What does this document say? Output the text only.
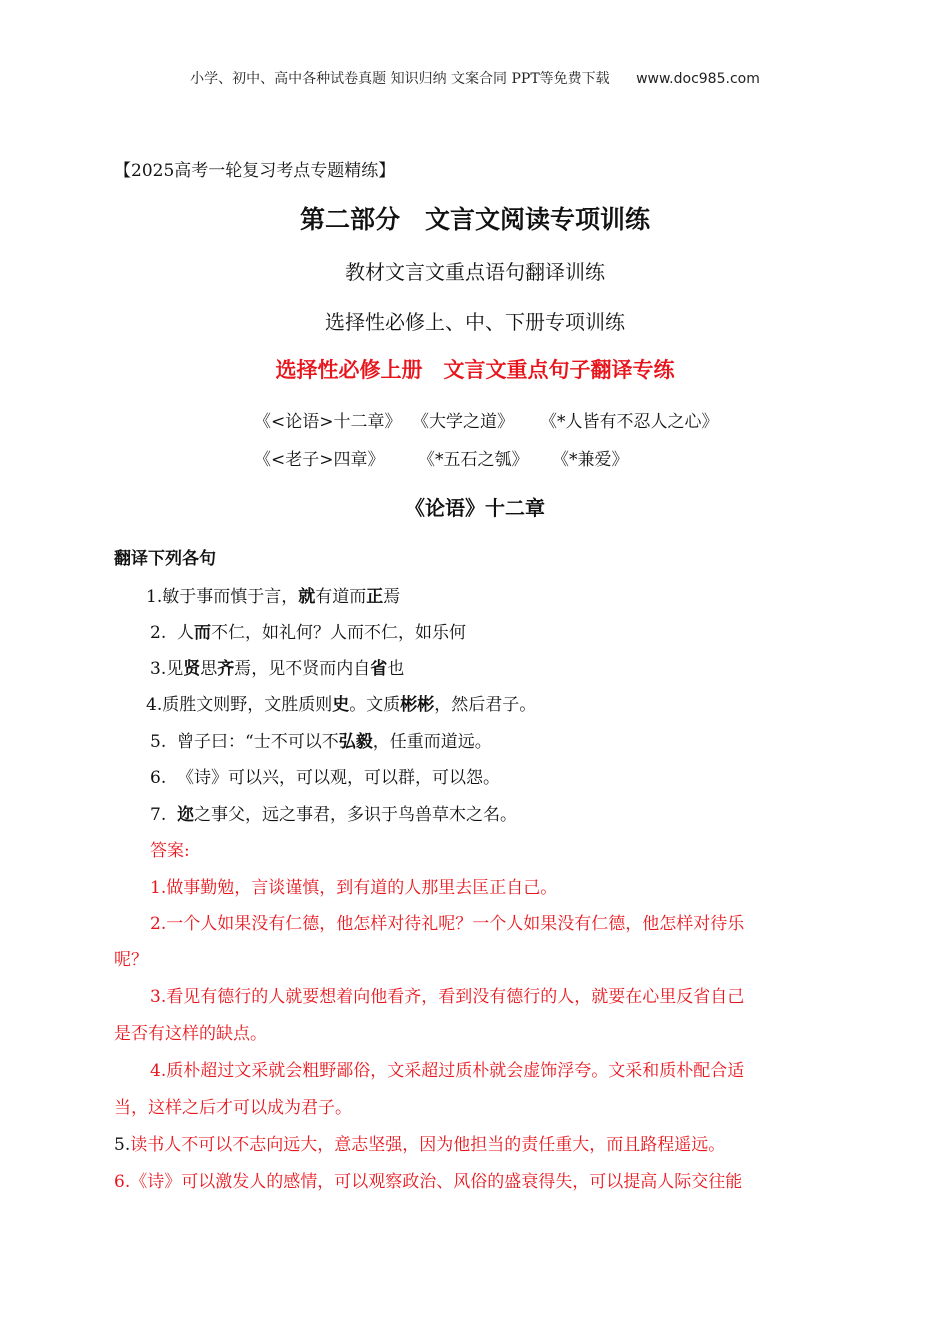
小学、初中、高中各种试卷真题 知识归纳 文案合同 PPT等免费下载 www.doc985.com
【2025高考一轮复习考点专题精练】
第二部分　文言文阅读专项训练
教材文言文重点语句翻译训练
选择性必修上、中、下册专项训练
选择性必修上册　文言文重点句子翻译专练
《<论语>十二章》 《大学之道》 《*人皆有不忍人之心》
《<老子>四章》 《*五石之瓠》 《*兼爱》
《论语》十二章
翻译下列各句
1.敏于事而慎于言，就有道而正焉
2. 人而不仁，如礼何？人而不仁，如乐何
3.见贤思齐焉，见不贤而内自省也
4.质胜文则野，文胜质则史。文质彬彬，然后君子。
5. 曾子曰：“士不可以不弘毅，任重而道远。
6. 《诗》可以兴，可以观，可以群，可以怨。
7. 迩之事父，远之事君，多识于鸟兽草木之名。
答案:
1.做事勤勉，言谈谨慎，到有道的人那里去匡正自己。
2.一个人如果没有仁德，他怎样对待礼呢？一个人如果没有仁德，他怎样对待乐
呢？
3.看见有德行的人就要想着向他看齐，看到没有德行的人，就要在心里反省自己
是否有这样的缺点。
4.质朴超过文采就会粗野鄙俗，文采超过质朴就会虚饰浮夸。文采和质朴配合适
当，这样之后才可以成为君子。
5.读书人不可以不志向远大，意志坚强，因为他担当的责任重大，而且路程遥远。
6.《诗》可以激发人的感情，可以观察政治、风俗的盛衰得失，可以提高人际交往能
